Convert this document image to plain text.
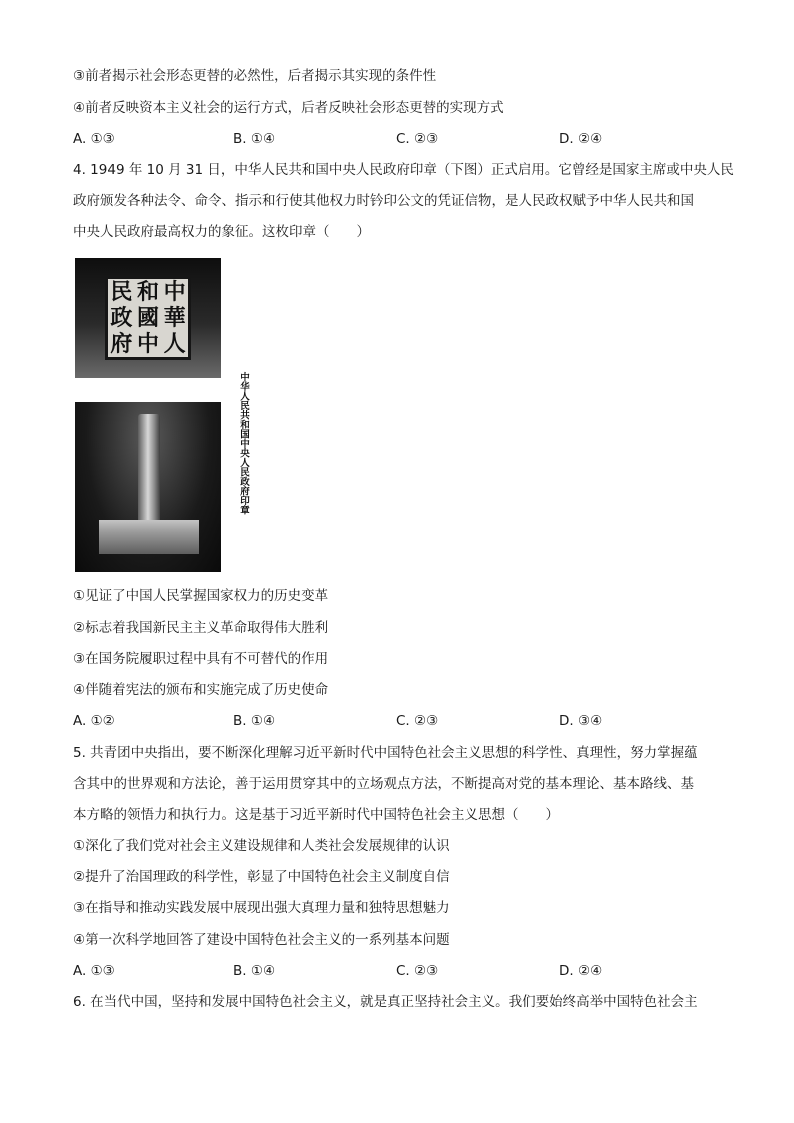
③前者揭示社会形态更替的必然性，后者揭示其实现的条件性
④前者反映资本主义社会的运行方式，后者反映社会形态更替的实现方式
A. ①③	B. ①④	C. ②③	D. ②④
4. 1949 年 10 月 31 日，中华人民共和国中央人民政府印章（下图）正式启用。它曾经是国家主席或中央人民
政府颁发各种法令、命令、指示和行使其他权力时钤印公文的凭证信物，是人民政权赋予中华人民共和国
中央人民政府最高权力的象征。这枚印章（　　）
民 和 中
政 國 華
府 中 人
中华人民共和国中央人民政府印章
①见证了中国人民掌握国家权力的历史变革
②标志着我国新民主主义革命取得伟大胜利
③在国务院履职过程中具有不可替代的作用
④伴随着宪法的颁布和实施完成了历史使命
A. ①②	B. ①④	C. ②③	D. ③④
5. 共青团中央指出，要不断深化理解习近平新时代中国特色社会主义思想的科学性、真理性，努力掌握蕴
含其中的世界观和方法论，善于运用贯穿其中的立场观点方法，不断提高对党的基本理论、基本路线、基
本方略的领悟力和执行力。这是基于习近平新时代中国特色社会主义思想（　　）
①深化了我们党对社会主义建设规律和人类社会发展规律的认识
②提升了治国理政的科学性，彰显了中国特色社会主义制度自信
③在指导和推动实践发展中展现出强大真理力量和独特思想魅力
④第一次科学地回答了建设中国特色社会主义的一系列基本问题
A. ①③	B. ①④	C. ②③	D. ②④
6. 在当代中国，坚持和发展中国特色社会主义，就是真正坚持社会主义。我们要始终高举中国特色社会主
